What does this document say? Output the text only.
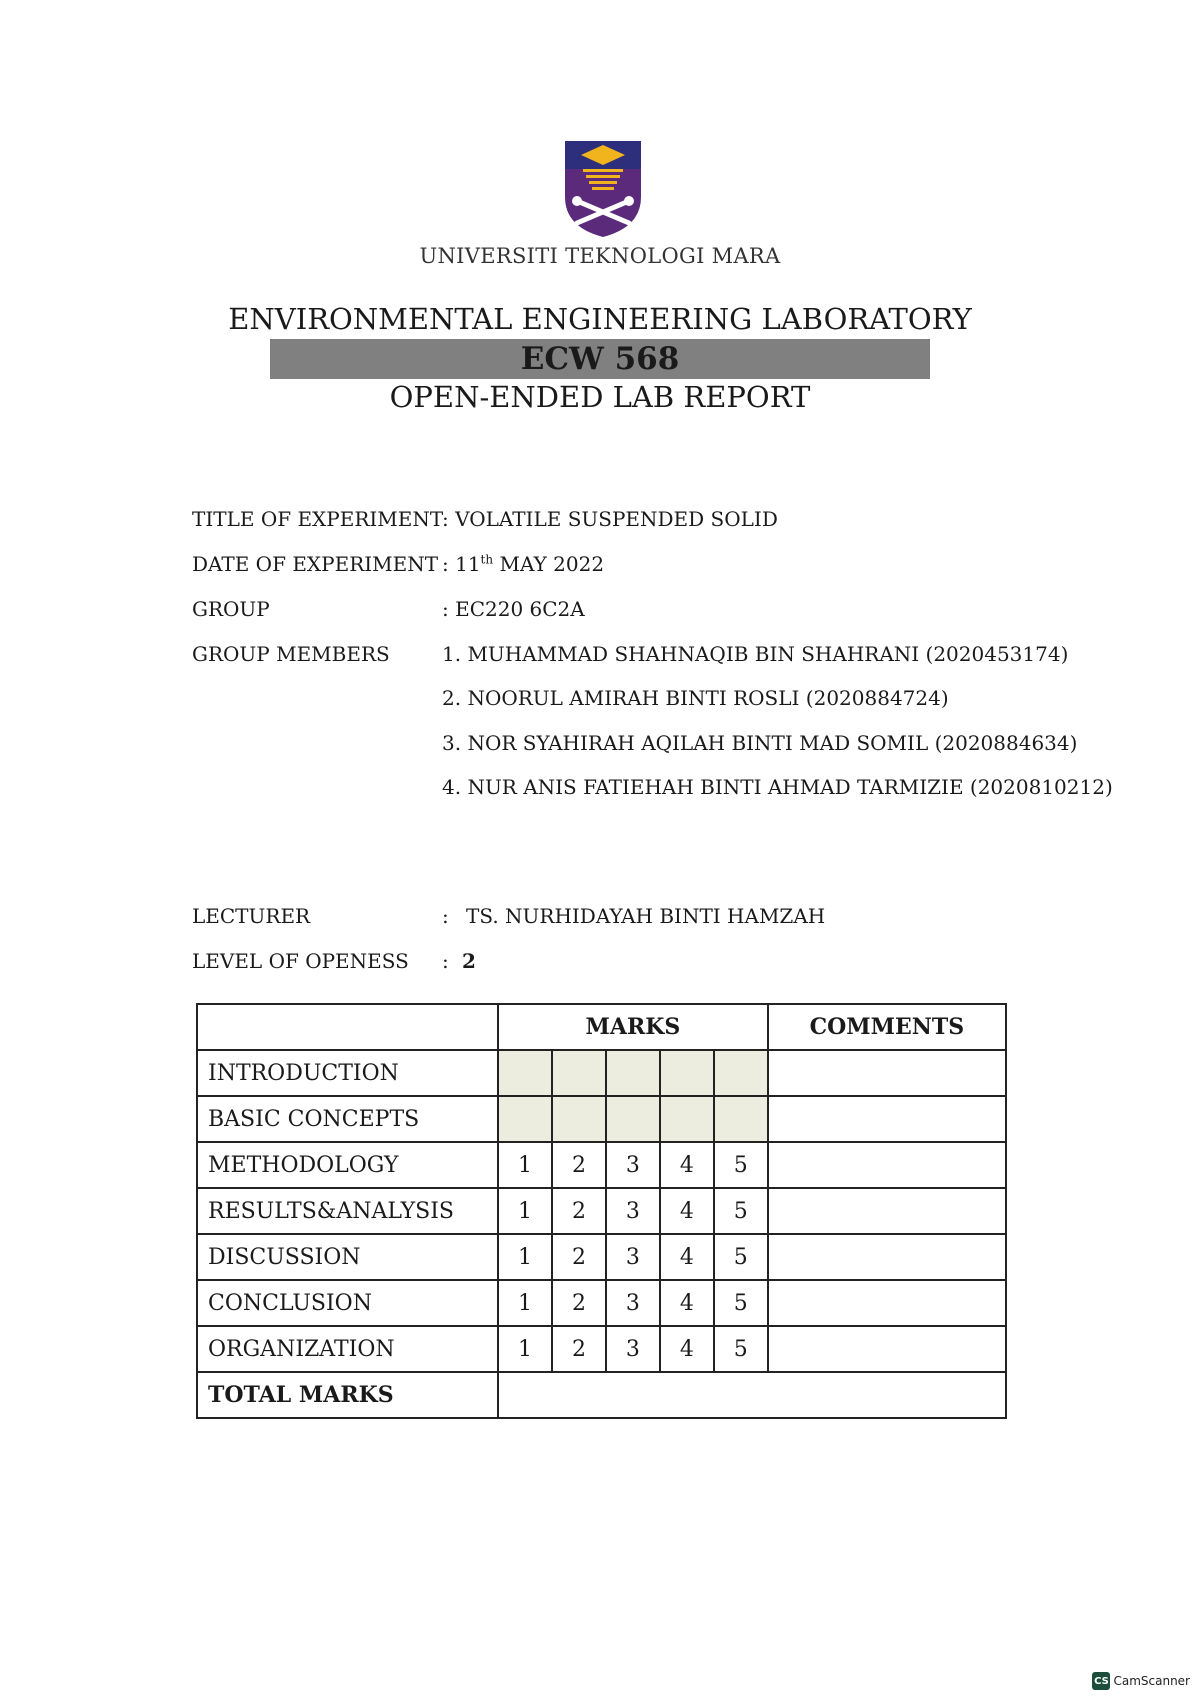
UNIVERSITI TEKNOLOGI MARA
ENVIRONMENTAL ENGINEERING LABORATORY
ECW 568
OPEN-ENDED LAB REPORT
TITLE OF EXPERIMENT
: VOLATILE SUSPENDED SOLID
DATE OF EXPERIMENT : 11th MAY 2022
GROUP	: EC220 6C2A
GROUP MEMBERS	1. MUHAMMAD SHAHNAQIB BIN SHAHRANI (2020453174)
2. NOORUL AMIRAH BINTI ROSLI (2020884724)
3. NOR SYAHIRAH AQILAH BINTI MAD SOMIL (2020884634)
4. NUR ANIS FATIEHAH BINTI AHMAD TARMIZIE (2020810212)
LECTURER	: TS. NURHIDAYAH BINTI HAMZAH
LEVEL OF OPENESS : 2
	MARKS					COMMENTS
INTRODUCTION						
BASIC CONCEPTS						
METHODOLOGY	1	2	3	4	5	
RESULTS&ANALYSIS	1	2	3	4	5	
DISCUSSION	1	2	3	4	5	
CONCLUSION	1	2	3	4	5	
ORGANIZATION	1	2	3	4	5	
TOTAL MARKS						
CS CamScanner
